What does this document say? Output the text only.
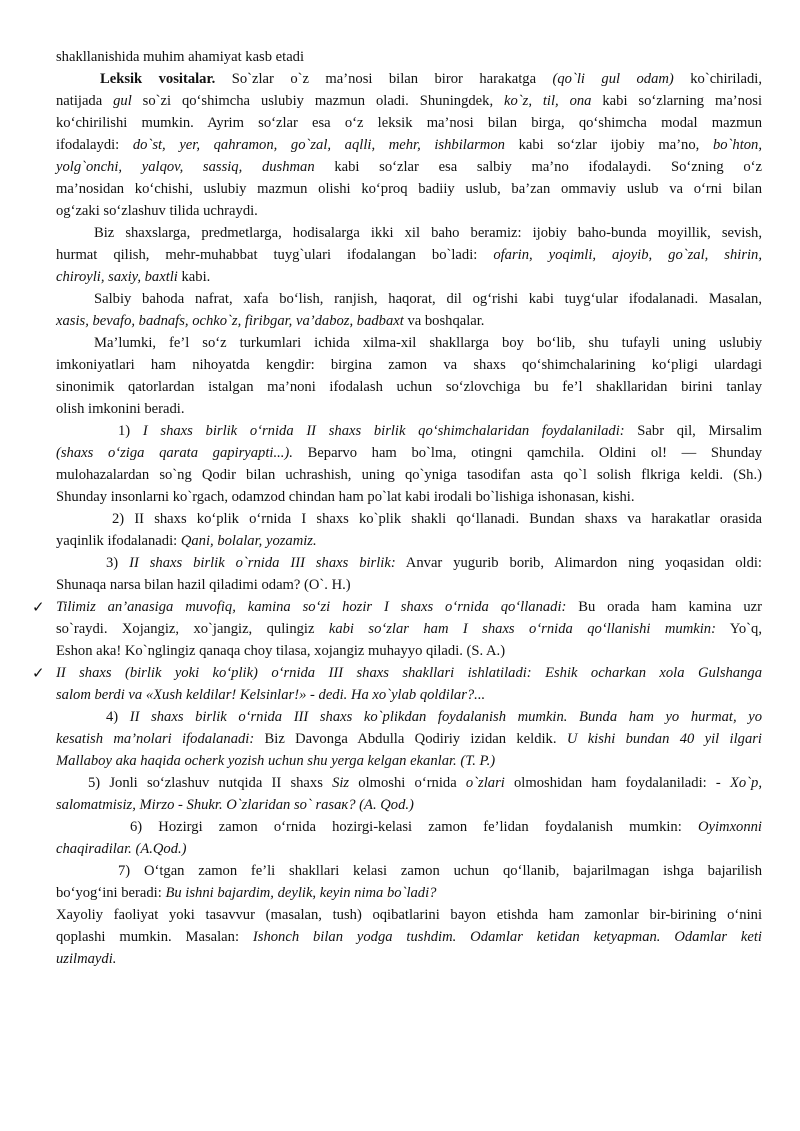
shakllanishida muhim ahamiyat kasb etadi
Leksik vositalar. So`zlar o`z ma’nosi bilan biror harakatga (qo`li gul odam) ko`chiriladi,
natijada gul so`zi qo‘shimcha uslubiy mazmun oladi. Shuningdek, ko`z, til, ona kabi so‘zlarning ma’nosi
ko‘chirilishi mumkin. Ayrim so‘zlar esa o‘z leksik ma’nosi bilan birga, qo‘shimcha modal mazmun
ifodalaydi: do`st, yer, qahramon, go`zal, aqlli, mehr, ishbilarmon kabi so‘zlar ijobiy ma’no, bo`hton,
yolg`onchi, yalqov, sassiq, dushman kabi so‘zlar esa salbiy ma’no ifodalaydi. So‘zning o‘z
ma’nosidan ko‘chishi, uslubiy mazmun olishi ko‘proq badiiy uslub, ba’zan ommaviy uslub va o‘rni bilan
og‘zaki so‘zlashuv tilida uchraydi.
Biz shaxslarga, predmetlarga, hodisalarga ikki xil baho beramiz: ijobiy baho-bunda moyillik, sevish,
hurmat qilish, mehr-muhabbat tuyg`ulari ifodalangan bo`ladi: ofarin, yoqimli, ajoyib, go`zal, shirin,
chiroyli, saxiy, baxtli kabi.
Salbiy bahoda nafrat, xafa bo‘lish, ranjish, haqorat, dil og‘rishi kabi tuyg‘ular ifodalanadi. Masalan,
xasis, bevafo, badnafs, ochko`z, firibgar, va’daboz, badbaxt va boshqalar.
Ma’lumki, fe’l so‘z turkumlari ichida xilma-xil shakllarga boy bo‘lib, shu tufayli uning uslubiy
imkoniyatlari ham nihoyatda kengdir: birgina zamon va shaxs qo‘shimchalarining ko‘pligi ulardagi
sinonimik qatorlardan istalgan ma’noni ifodalash uchun so‘zlovchiga bu fe’l shakllaridan birini tanlay
olish imkonini beradi.
1) I shaxs birlik o‘rnida II shaxs birlik qo‘shimchalaridan foydalaniladi: Sabr qil, Mirsalim
(shaxs o‘ziga qarata gapiryapti...). Beparvo ham bo`lma, otingni qamchila. Oldini ol! — Shunday
mulohazalardan so`ng Qodir bilan uchrashish, uning qo`yniga tasodifan asta qo`l solish flkriga keldi. (Sh.)
Shunday insonlarni ko`rgach, odamzod chindan ham po`lat kabi irodali bo`lishiga ishonasan, kishi.
2) II shaxs ko‘plik o‘rnida I shaxs ko`plik shakli qo‘llanadi. Bundan shaxs va harakatlar orasida
yaqinlik ifodalanadi: Qani, bolalar, yozamiz.
3) II shaxs birlik o`rnida III shaxs birlik: Anvar yugurib borib, Alimardon ning yoqasidan oldi:
Shunaqa narsa bilan hazil qiladimi odam? (O`. H.)
✓ Tilimiz an’anasiga muvofiq, kamina so‘zi hozir I shaxs o‘rnida qo‘llanadi: Bu orada ham kamina uzr
so`raydi. Xojangiz, xo`jangiz, qulingiz kabi so‘zlar ham I shaxs o‘rnida qo‘llanishi mumkin: Yo`q,
Eshon aka! Ko`nglingiz qanaqa choy tilasa, xojangiz muhayyo qiladi. (S. A.)
✓ II shaxs (birlik yoki ko‘plik) o‘rnida III shaxs shakllari ishlatiladi: Eshik ocharkan xola Gulshanga
salom berdi va «Xush keldilar! Kelsinlar!» - dedi. Ha xo`ylab qoldilar?...
4) II shaxs birlik o‘rnida III shaxs ko`plikdan foydalanish mumkin. Bunda ham yo hurmat, yo
kesatish ma’nolari ifodalanadi: Biz Davonga Abdulla Qodiriy izidan keldik. U kishi bundan 40 yil ilgari
Mallaboy aka haqida ocherk yozish uchun shu yerga kelgan ekanlar. (T. P.)
5) Jonli so‘zlashuv nutqida II shaxs Siz olmoshi o‘rnida o`zlari olmoshidan ham foydalaniladi: - Xo`p,
salomatmisiz, Mirzo - Shukr. O`zlaridan so` rasaк? (A. Qod.)
6) Hozirgi zamon o‘rnida hozirgi-kelasi zamon fe’lidan foydalanish mumkin: Oyimxonni
chaqiradilar. (A.Qod.)
7) O‘tgan zamon fe’li shakllari kelasi zamon uchun qo‘llanib, bajarilmagan ishga bajarilish
bo‘yog‘ini beradi: Bu ishni bajardim, deylik, keyin nima bo`ladi?
Xayoliy faoliyat yoki tasavvur (masalan, tush) oqibatlarini bayon etishda ham zamonlar bir-birining o‘nini
qoplashi mumkin. Masalan: Ishonch bilan yodga tushdim. Odamlar ketidan ketyapman. Odamlar keti
uzilmaydi.
